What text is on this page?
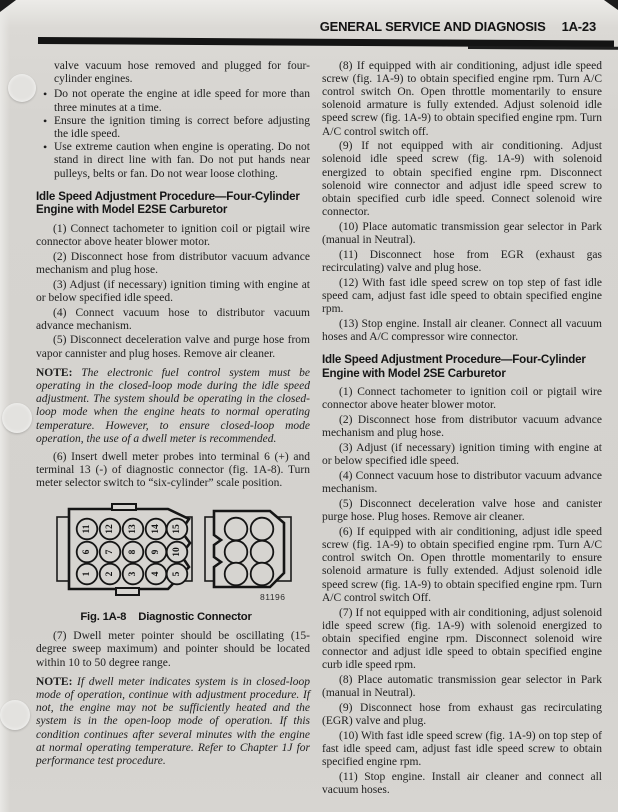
GENERAL SERVICE AND DIAGNOSIS 1A-23

valve vacuum hose removed and plugged for four-cylinder engines.

• Do not operate the engine at idle speed for more than three minutes at a time.

• Ensure the ignition timing is correct before adjusting the idle speed.

• Use extreme caution when engine is operating. Do not stand in direct line with fan. Do not put hands near pulleys, belts or fan. Do not wear loose clothing.

Idle Speed Adjustment Procedure—Four-Cylinder Engine with Model E2SE Carburetor

(1) Connect tachometer to ignition coil or pigtail wire connector above heater blower motor.

(2) Disconnect hose from distributor vacuum advance mechanism and plug hose.

(3) Adjust (if necessary) ignition timing with engine at or below specified idle speed.

(4) Connect vacuum hose to distributor vacuum advance mechanism.

(5) Disconnect deceleration valve and purge hose from vapor cannister and plug hoses. Remove air cleaner.

NOTE: The electronic fuel control system must be operating in the closed-loop mode during the idle speed adjustment. The system should be operating in the closed-loop mode when the engine heats to normal operating temperature. However, to ensure closed-loop mode operation, the use of a dwell meter is recommended.

(6) Insert dwell meter probes into terminal 6 (+) and terminal 13 (-) of diagnostic connector (fig. 1A-8). Turn meter selector switch to “six-cylinder” scale position.

11 12 13 14 15
6 7 8 9 10
1 2 3 4 5
81196
Fig. 1A-8 Diagnostic Connector

(7) Dwell meter pointer should be oscillating (15-degree sweep maximum) and pointer should be located within 10 to 50 degree range.

NOTE: If dwell meter indicates system is in closed-loop mode of operation, continue with adjustment procedure. If not, the engine may not be sufficiently heated and the system is in the open-loop mode of operation. If this condition continues after several minutes with the engine at normal operating temperature. Refer to Chapter 1J for performance test procedure.

(8) If equipped with air conditioning, adjust idle speed screw (fig. 1A-9) to obtain specified engine rpm. Turn A/C control switch On. Open throttle momentarily to ensure solenoid armature is fully extended. Adjust solenoid idle speed screw (fig. 1A-9) to obtain specified engine rpm. Turn A/C control switch off.

(9) If not equipped with air conditioning. Adjust solenoid idle speed screw (fig. 1A-9) with solenoid energized to obtain specified engine rpm. Disconnect solenoid wire connector and adjust idle speed screw to obtain specified curb idle speed. Connect solenoid wire connector.

(10) Place automatic transmission gear selector in Park (manual in Neutral).

(11) Disconnect hose from EGR (exhaust gas recirculating) valve and plug hose.

(12) With fast idle speed screw on top step of fast idle speed cam, adjust fast idle speed to obtain specified engine rpm.

(13) Stop engine. Install air cleaner. Connect all vacuum hoses and A/C compressor wire connector.

Idle Speed Adjustment Procedure—Four-Cylinder Engine with Model 2SE Carburetor

(1) Connect tachometer to ignition coil or pigtail wire connector above heater blower motor.

(2) Disconnect hose from distributor vacuum advance mechanism and plug hose.

(3) Adjust (if necessary) ignition timing with engine at or below specified idle speed.

(4) Connect vacuum hose to distributor vacuum advance mechanism.

(5) Disconnect deceleration valve hose and canister purge hose. Plug hoses. Remove air cleaner.

(6) If equipped with air conditioning, adjust idle speed screw (fig. 1A-9) to obtain specified engine rpm. Turn A/C control switch On. Open throttle momentarily to ensure solenoid armature is fully extended. Adjust solenoid idle speed screw (fig. 1A-9) to obtain specified engine rpm. Turn A/C control switch Off.

(7) If not equipped with air conditioning, adjust solenoid idle speed screw (fig. 1A-9) with solenoid energized to obtain specified engine rpm. Disconnect solenoid wire connector and adjust idle speed to obtain specified engine curb idle speed rpm.

(8) Place automatic transmission gear selector in Park (manual in Neutral).

(9) Disconnect hose from exhaust gas recirculating (EGR) valve and plug.

(10) With fast idle speed screw (fig. 1A-9) on top step of fast idle speed cam, adjust fast idle speed screw to obtain specified engine rpm.

(11) Stop engine. Install air cleaner and connect all vacuum hoses.
